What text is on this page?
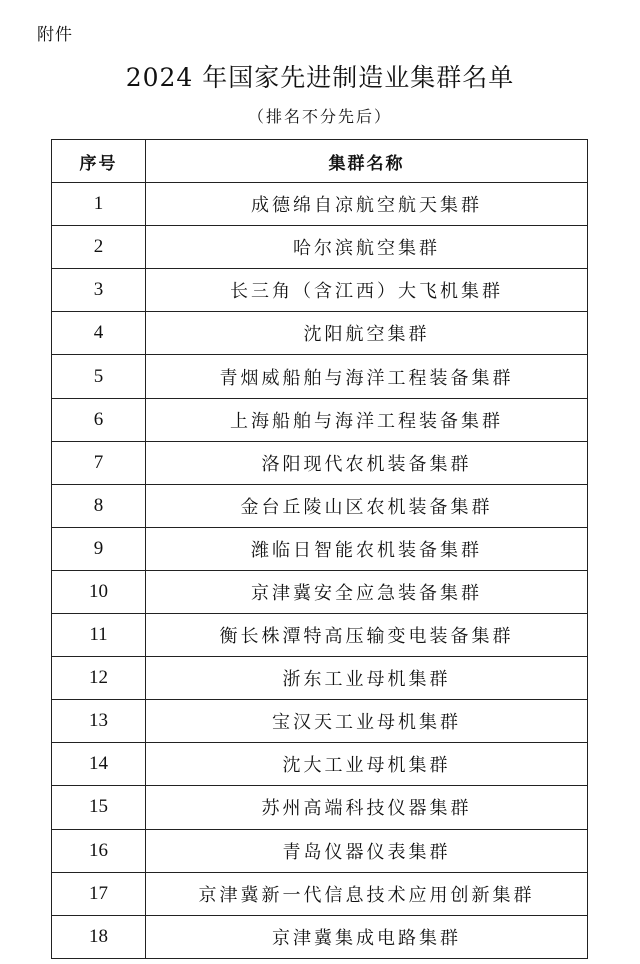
附件
2024 年国家先进制造业集群名单
（排名不分先后）
序号	集群名称
1	成德绵自凉航空航天集群
2	哈尔滨航空集群
3	长三角（含江西）大飞机集群
4	沈阳航空集群
5	青烟威船舶与海洋工程装备集群
6	上海船舶与海洋工程装备集群
7	洛阳现代农机装备集群
8	金台丘陵山区农机装备集群
9	潍临日智能农机装备集群
10	京津冀安全应急装备集群
11	衡长株潭特高压输变电装备集群
12	浙东工业母机集群
13	宝汉天工业母机集群
14	沈大工业母机集群
15	苏州高端科技仪器集群
16	青岛仪器仪表集群
17	京津冀新一代信息技术应用创新集群
18	京津冀集成电路集群
